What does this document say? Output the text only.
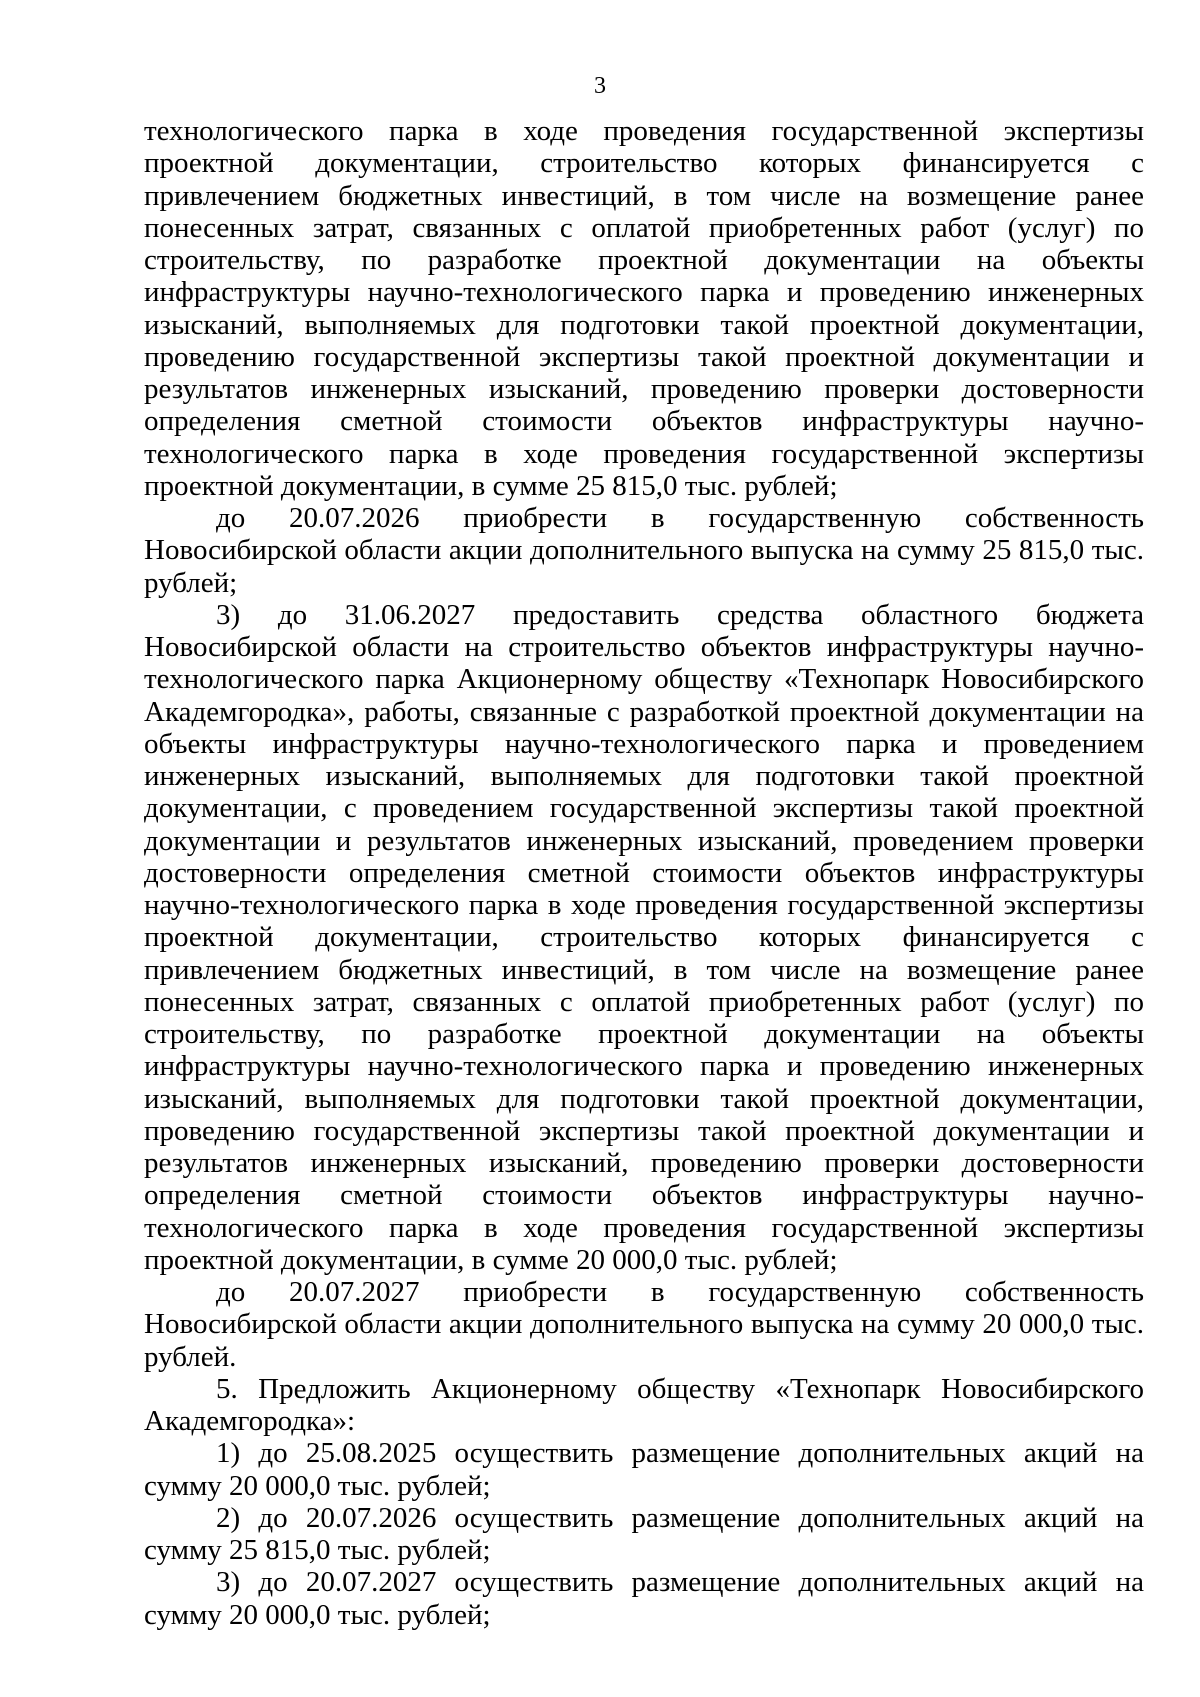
3

технологического парка в ходе проведения государственной экспертизы проектной документации, строительство которых финансируется с привлечением бюджетных инвестиций, в том числе на возмещение ранее понесенных затрат, связанных с оплатой приобретенных работ (услуг) по строительству, по разработке проектной документации на объекты инфраструктуры научно-технологического парка и проведению инженерных изысканий, выполняемых для подготовки такой проектной документации, проведению государственной экспертизы такой проектной документации и результатов инженерных изысканий, проведению проверки достоверности определения сметной стоимости объектов инфраструктуры научно-технологического парка в ходе проведения государственной экспертизы проектной документации, в сумме 25 815,0 тыс. рублей;

до 20.07.2026 приобрести в государственную собственность Новосибирской области акции дополнительного выпуска на сумму 25 815,0 тыс. рублей;

3) до 31.06.2027 предоставить средства областного бюджета Новосибирской области на строительство объектов инфраструктуры научно-технологического парка Акционерному обществу «Технопарк Новосибирского Академгородка», работы, связанные с разработкой проектной документации на объекты инфраструктуры научно-технологического парка и проведением инженерных изысканий, выполняемых для подготовки такой проектной документации, с проведением государственной экспертизы такой проектной документации и результатов инженерных изысканий, проведением проверки достоверности определения сметной стоимости объектов инфраструктуры научно-технологического парка в ходе проведения государственной экспертизы проектной документации, строительство которых финансируется с привлечением бюджетных инвестиций, в том числе на возмещение ранее понесенных затрат, связанных с оплатой приобретенных работ (услуг) по строительству, по разработке проектной документации на объекты инфраструктуры научно-технологического парка и проведению инженерных изысканий, выполняемых для подготовки такой проектной документации, проведению государственной экспертизы такой проектной документации и результатов инженерных изысканий, проведению проверки достоверности определения сметной стоимости объектов инфраструктуры научно-технологического парка в ходе проведения государственной экспертизы проектной документации, в сумме 20 000,0 тыс. рублей;

до 20.07.2027 приобрести в государственную собственность Новосибирской области акции дополнительного выпуска на сумму 20 000,0 тыс. рублей.

5. Предложить Акционерному обществу «Технопарк Новосибирского Академгородка»:

1) до 25.08.2025 осуществить размещение дополнительных акций на сумму 20 000,0 тыс. рублей;

2) до 20.07.2026 осуществить размещение дополнительных акций на сумму 25 815,0 тыс. рублей;

3) до 20.07.2027 осуществить размещение дополнительных акций на сумму 20 000,0 тыс. рублей;
